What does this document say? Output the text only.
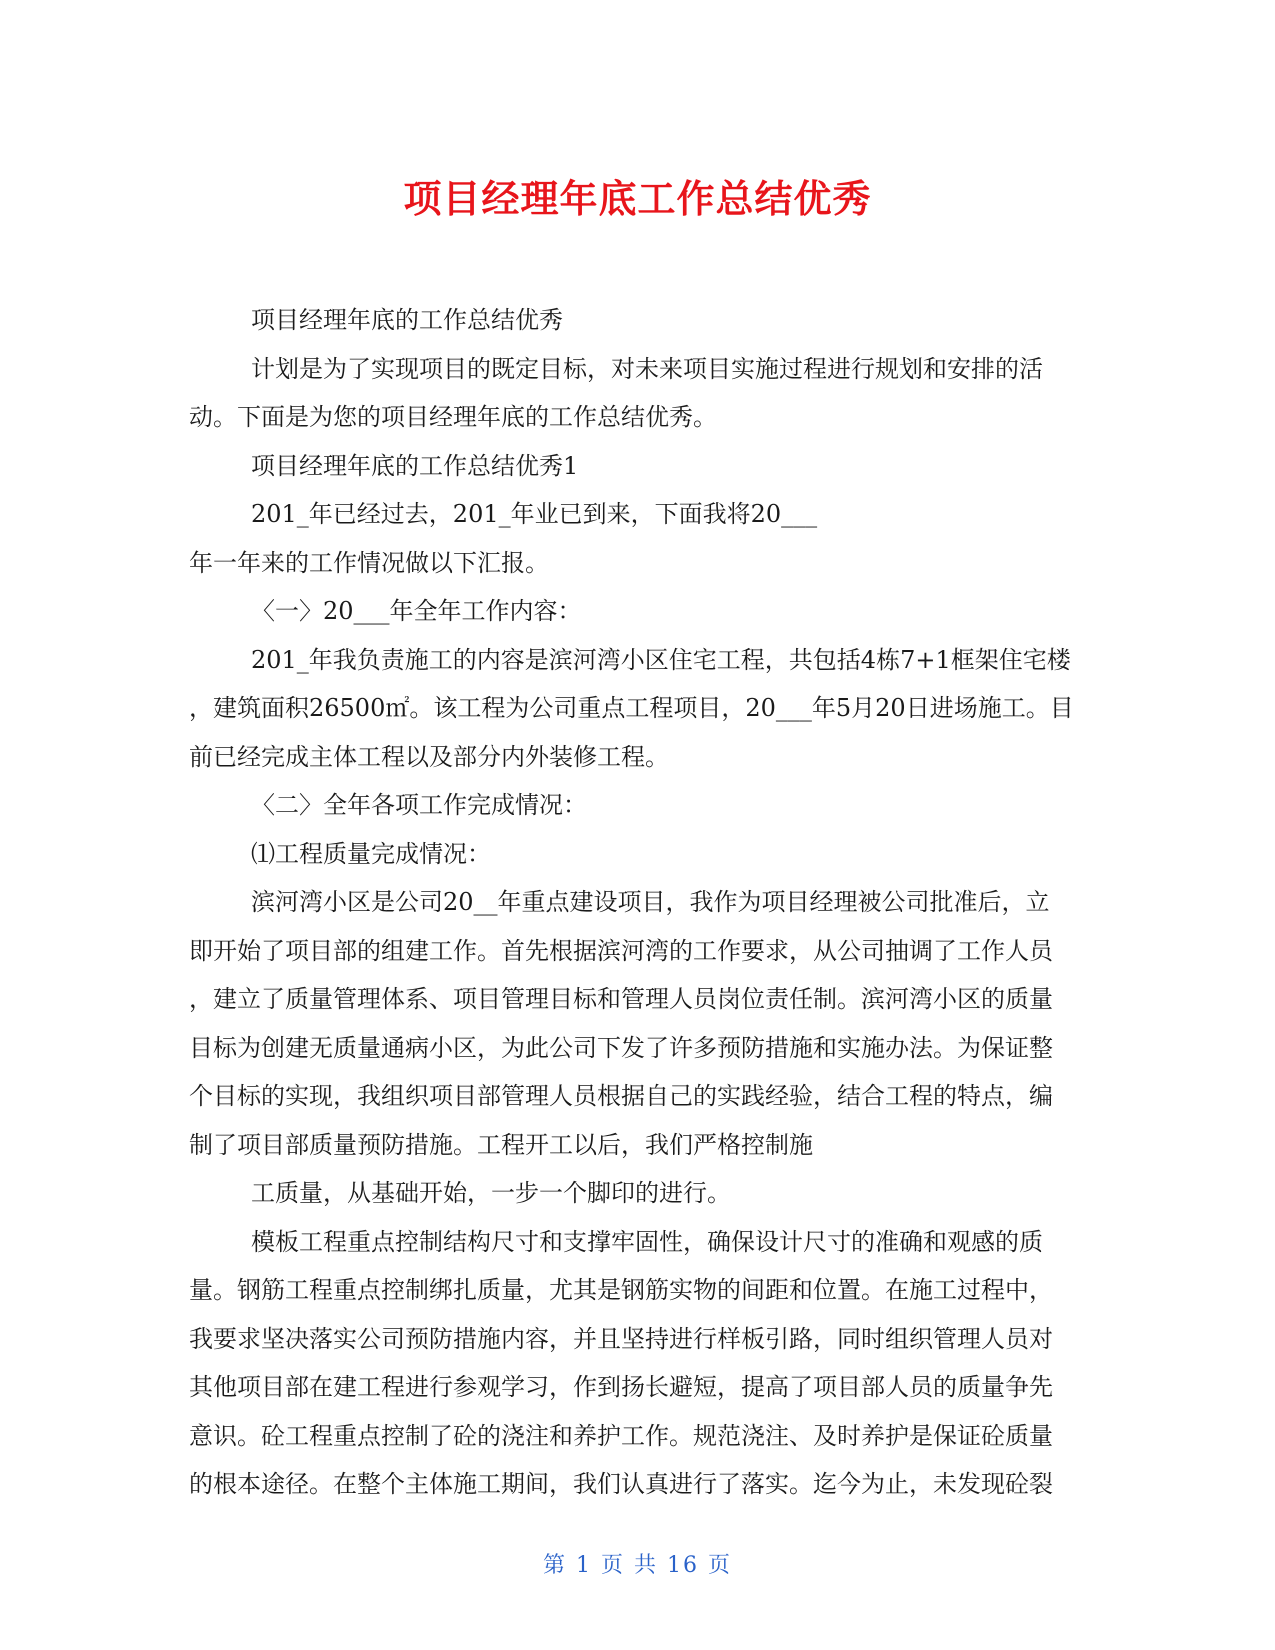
项目经理年底工作总结优秀
项目经理年底的工作总结优秀
计划是为了实现项目的既定目标，对未来项目实施过程进行规划和安排的活
动。下面是为您的项目经理年底的工作总结优秀。
项目经理年底的工作总结优秀1
201_年已经过去，201_年业已到来，下面我将20___
年一年来的工作情况做以下汇报。
〈一〉20___年全年工作内容：
201_年我负责施工的内容是滨河湾小区住宅工程，共包括4栋7+1框架住宅楼
，建筑面积26500㎡。该工程为公司重点工程项目，20___年5月20日进场施工。目
前已经完成主体工程以及部分内外装修工程。
〈二〉全年各项工作完成情况：
⑴工程质量完成情况：
滨河湾小区是公司20__年重点建设项目，我作为项目经理被公司批准后，立
即开始了项目部的组建工作。首先根据滨河湾的工作要求，从公司抽调了工作人员
，建立了质量管理体系、项目管理目标和管理人员岗位责任制。滨河湾小区的质量
目标为创建无质量通病小区，为此公司下发了许多预防措施和实施办法。为保证整
个目标的实现，我组织项目部管理人员根据自己的实践经验，结合工程的特点，编
制了项目部质量预防措施。工程开工以后，我们严格控制施
工质量，从基础开始，一步一个脚印的进行。
模板工程重点控制结构尺寸和支撑牢固性，确保设计尺寸的准确和观感的质
量。钢筋工程重点控制绑扎质量，尤其是钢筋实物的间距和位置。在施工过程中，
我要求坚决落实公司预防措施内容，并且坚持进行样板引路，同时组织管理人员对
其他项目部在建工程进行参观学习，作到扬长避短，提高了项目部人员的质量争先
意识。砼工程重点控制了砼的浇注和养护工作。规范浇注、及时养护是保证砼质量
的根本途径。在整个主体施工期间，我们认真进行了落实。迄今为止，未发现砼裂
第 1 页 共 16 页
